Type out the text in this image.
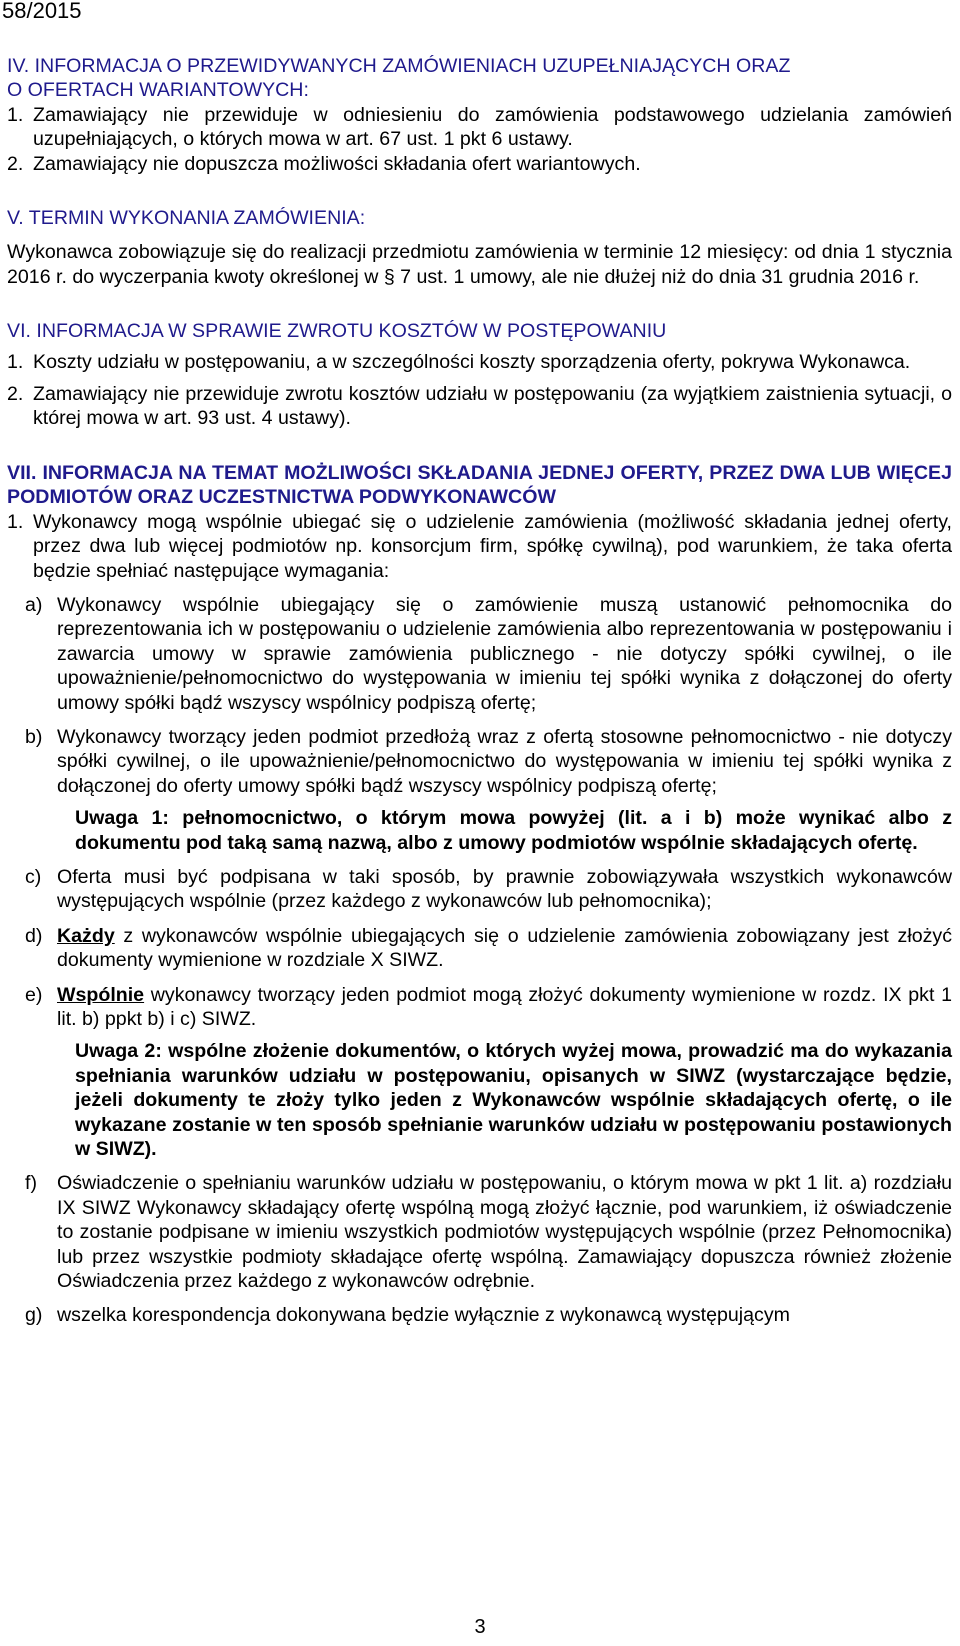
58/2015
IV. INFORMACJA O PRZEWIDYWANYCH ZAMÓWIENIACH UZUPEŁNIAJĄCYCH ORAZ
O OFERTACH WARIANTOWYCH:
1. Zamawiający nie przewiduje w odniesieniu do zamówienia podstawowego udzielania zamówień uzupełniających, o których mowa w art. 67 ust. 1 pkt 6 ustawy.
2. Zamawiający nie dopuszcza możliwości składania ofert wariantowych.
V. TERMIN WYKONANIA ZAMÓWIENIA:
Wykonawca zobowiązuje się do realizacji przedmiotu zamówienia w terminie 12 miesięcy: od dnia 1 stycznia 2016 r. do wyczerpania kwoty określonej w § 7 ust. 1 umowy, ale nie dłużej niż do dnia 31 grudnia 2016 r.
VI. INFORMACJA W SPRAWIE ZWROTU KOSZTÓW W POSTĘPOWANIU
1. Koszty udziału w postępowaniu, a w szczególności koszty sporządzenia oferty, pokrywa Wykonawca.
2. Zamawiający nie przewiduje zwrotu kosztów udziału w postępowaniu (za wyjątkiem zaistnienia sytuacji, o której mowa w art. 93 ust. 4 ustawy).
VII. INFORMACJA NA TEMAT MOŻLIWOŚCI SKŁADANIA JEDNEJ OFERTY, PRZEZ DWA LUB WIĘCEJ PODMIOTÓW ORAZ UCZESTNICTWA PODWYKONAWCÓW
1. Wykonawcy mogą wspólnie ubiegać się o udzielenie zamówienia (możliwość składania jednej oferty, przez dwa lub więcej podmiotów np. konsorcjum firm, spółkę cywilną), pod warunkiem, że taka oferta będzie spełniać następujące wymagania:
a) Wykonawcy wspólnie ubiegający się o zamówienie muszą ustanowić pełnomocnika do reprezentowania ich w postępowaniu o udzielenie zamówienia albo reprezentowania w postępowaniu i zawarcia umowy w sprawie zamówienia publicznego - nie dotyczy spółki cywilnej, o ile upoważnienie/pełnomocnictwo do występowania w imieniu tej spółki wynika z dołączonej do oferty umowy spółki bądź wszyscy wspólnicy podpiszą ofertę;
b) Wykonawcy tworzący jeden podmiot przedłożą wraz z ofertą stosowne pełnomocnictwo - nie dotyczy spółki cywilnej, o ile upoważnienie/pełnomocnictwo do występowania w imieniu tej spółki wynika z dołączonej do oferty umowy spółki bądź wszyscy wspólnicy podpiszą ofertę;
Uwaga 1: pełnomocnictwo, o którym mowa powyżej (lit. a i b) może wynikać albo z dokumentu pod taką samą nazwą, albo z umowy podmiotów wspólnie składających ofertę.
c) Oferta musi być podpisana w taki sposób, by prawnie zobowiązywała wszystkich wykonawców występujących wspólnie (przez każdego z wykonawców lub pełnomocnika);
d) Każdy z wykonawców wspólnie ubiegających się o udzielenie zamówienia zobowiązany jest złożyć dokumenty wymienione w rozdziale X SIWZ.
e) Wspólnie wykonawcy tworzący jeden podmiot mogą złożyć dokumenty wymienione w rozdz. IX pkt 1 lit. b) ppkt b) i c) SIWZ.
Uwaga 2: wspólne złożenie dokumentów, o których wyżej mowa, prowadzić ma do wykazania spełniania warunków udziału w postępowaniu, opisanych w SIWZ (wystarczające będzie, jeżeli dokumenty te złoży tylko jeden z Wykonawców wspólnie składających ofertę, o ile wykazane zostanie w ten sposób spełnianie warunków udziału w postępowaniu postawionych w SIWZ).
f)	Oświadczenie o spełnianiu warunków udziału w postępowaniu, o którym mowa w pkt 1 lit. a) rozdziału IX SIWZ Wykonawcy składający ofertę wspólną mogą złożyć łącznie, pod warunkiem, iż oświadczenie to zostanie podpisane w imieniu wszystkich podmiotów występujących wspólnie (przez Pełnomocnika) lub przez wszystkie podmioty składające ofertę wspólną. Zamawiający dopuszcza również złożenie Oświadczenia przez każdego z wykonawców odrębnie.
g) wszelka korespondencja dokonywana będzie wyłącznie z wykonawcą występującym
3
